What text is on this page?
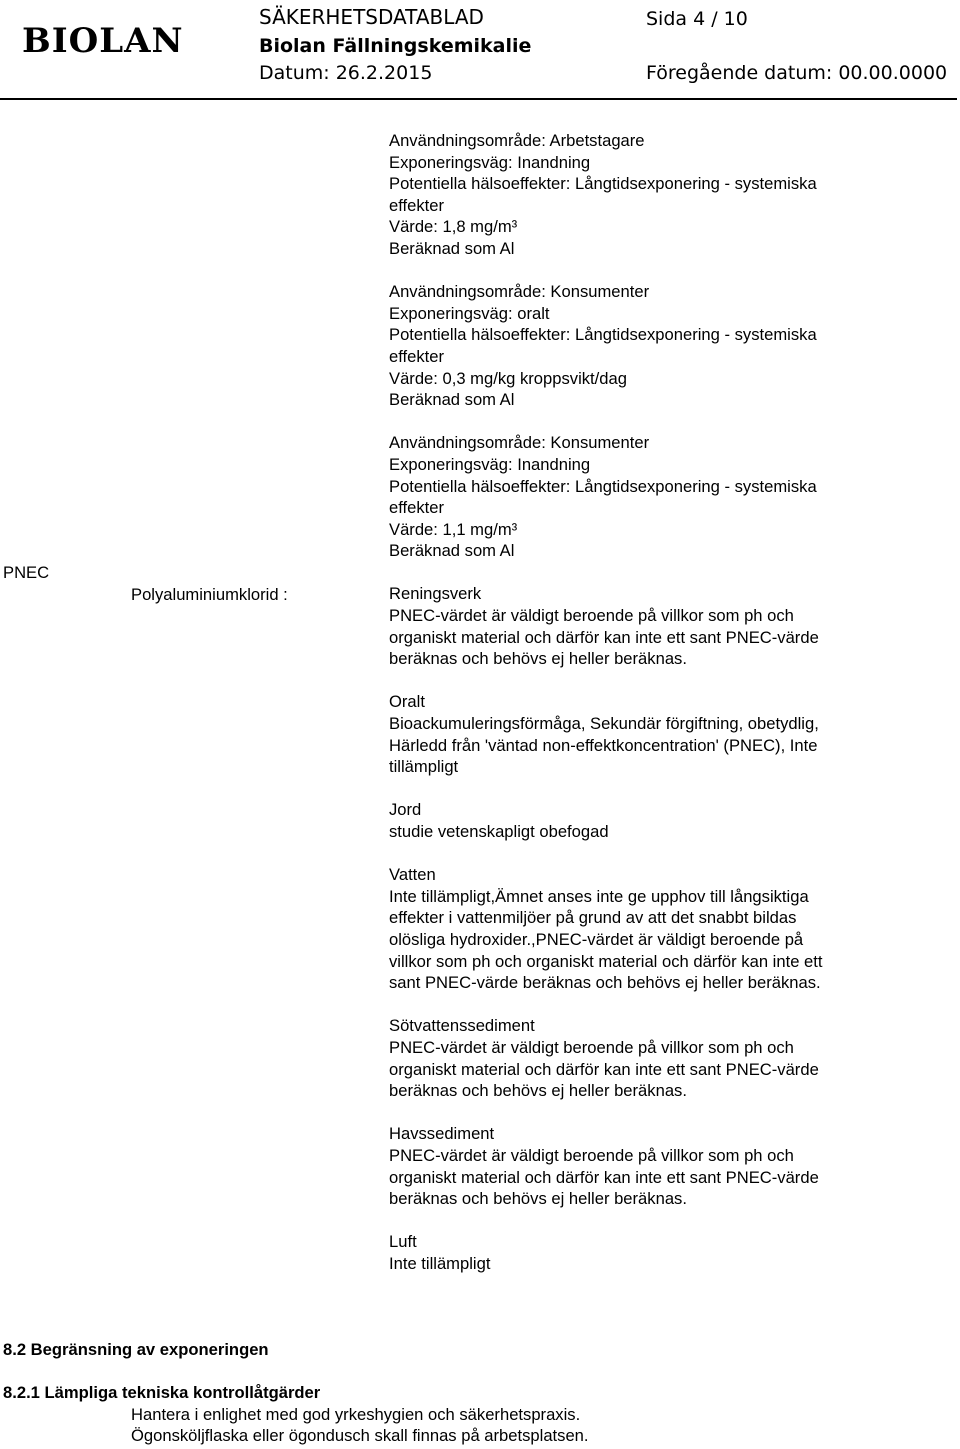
BIOLAN
SÄKERHETSDATABLAD	Sida 4 / 10
Biolan Fällningskemikalie
Datum: 26.2.2015	Föregående datum: 00.00.0000
PNEC
Polyaluminiumklorid :
Användningsområde: Arbetstagare
Exponeringsväg: Inandning
Potentiella hälsoeffekter: Långtidsexponering - systemiska
effekter
Värde: 1,8 mg/m³
Beräknad som Al
Användningsområde: Konsumenter
Exponeringsväg: oralt
Potentiella hälsoeffekter: Långtidsexponering - systemiska
effekter
Värde: 0,3 mg/kg kroppsvikt/dag
Beräknad som Al
Användningsområde: Konsumenter
Exponeringsväg: Inandning
Potentiella hälsoeffekter: Långtidsexponering - systemiska
effekter
Värde: 1,1 mg/m³
Beräknad som Al
Reningsverk
PNEC-värdet är väldigt beroende på villkor som ph och
organiskt material och därför kan inte ett sant PNEC-värde
beräknas och behövs ej heller beräknas.
Oralt
Bioackumuleringsförmåga, Sekundär förgiftning, obetydlig,
Härledd från 'väntad non-effektkoncentration' (PNEC), Inte
tillämpligt
Jord
studie vetenskapligt obefogad
Vatten
Inte tillämpligt,Ämnet anses inte ge upphov till långsiktiga
effekter i vattenmiljöer på grund av att det snabbt bildas
olösliga hydroxider.,PNEC-värdet är väldigt beroende på
villkor som ph och organiskt material och därför kan inte ett
sant PNEC-värde beräknas och behövs ej heller beräknas.
Sötvattenssediment
PNEC-värdet är väldigt beroende på villkor som ph och
organiskt material och därför kan inte ett sant PNEC-värde
beräknas och behövs ej heller beräknas.
Havssediment
PNEC-värdet är väldigt beroende på villkor som ph och
organiskt material och därför kan inte ett sant PNEC-värde
beräknas och behövs ej heller beräknas.
Luft
Inte tillämpligt
8.2 Begränsning av exponeringen
8.2.1 Lämpliga tekniska kontrollåtgärder
Hantera i enlighet med god yrkeshygien och säkerhetspraxis.
Ögonsköljflaska eller ögondusch skall finnas på arbetsplatsen.
